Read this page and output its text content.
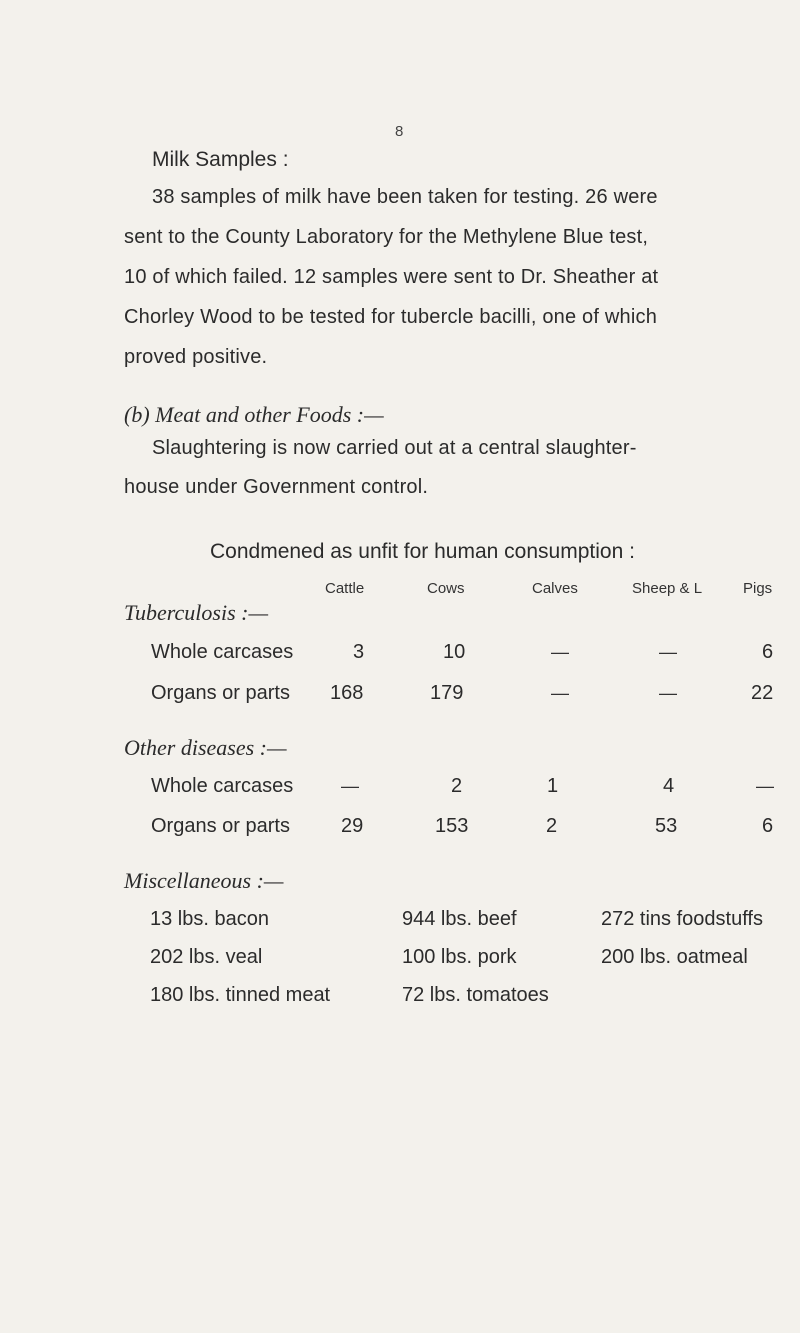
8
Milk Samples :
38 samples of milk have been taken for testing. 26 were
sent to the County Laboratory for the Methylene Blue test,
10 of which failed. 12 samples were sent to Dr. Sheather at
Chorley Wood to be tested for tubercle bacilli, one of which
proved positive.
(b) Meat and other Foods :—
Slaughtering is now carried out at a central slaughter-
house under Government control.
Condmened as unfit for human consumption :
Cattle	Cows	Calves	Sheep & L	Pigs
Tuberculosis :—
Whole carcases	3	10	—	—	6
Organs or parts 168	179	—	—	22
Other diseases :—
Whole carcases	—	2	1	4	—
Organs or parts	29	153	2	53	6
Miscellaneous :—
13 lbs. bacon	944 lbs. beef	272 tins foodstuffs
202 lbs. veal	100 lbs. pork	200 lbs. oatmeal
180 lbs. tinned meat	72 lbs. tomatoes
